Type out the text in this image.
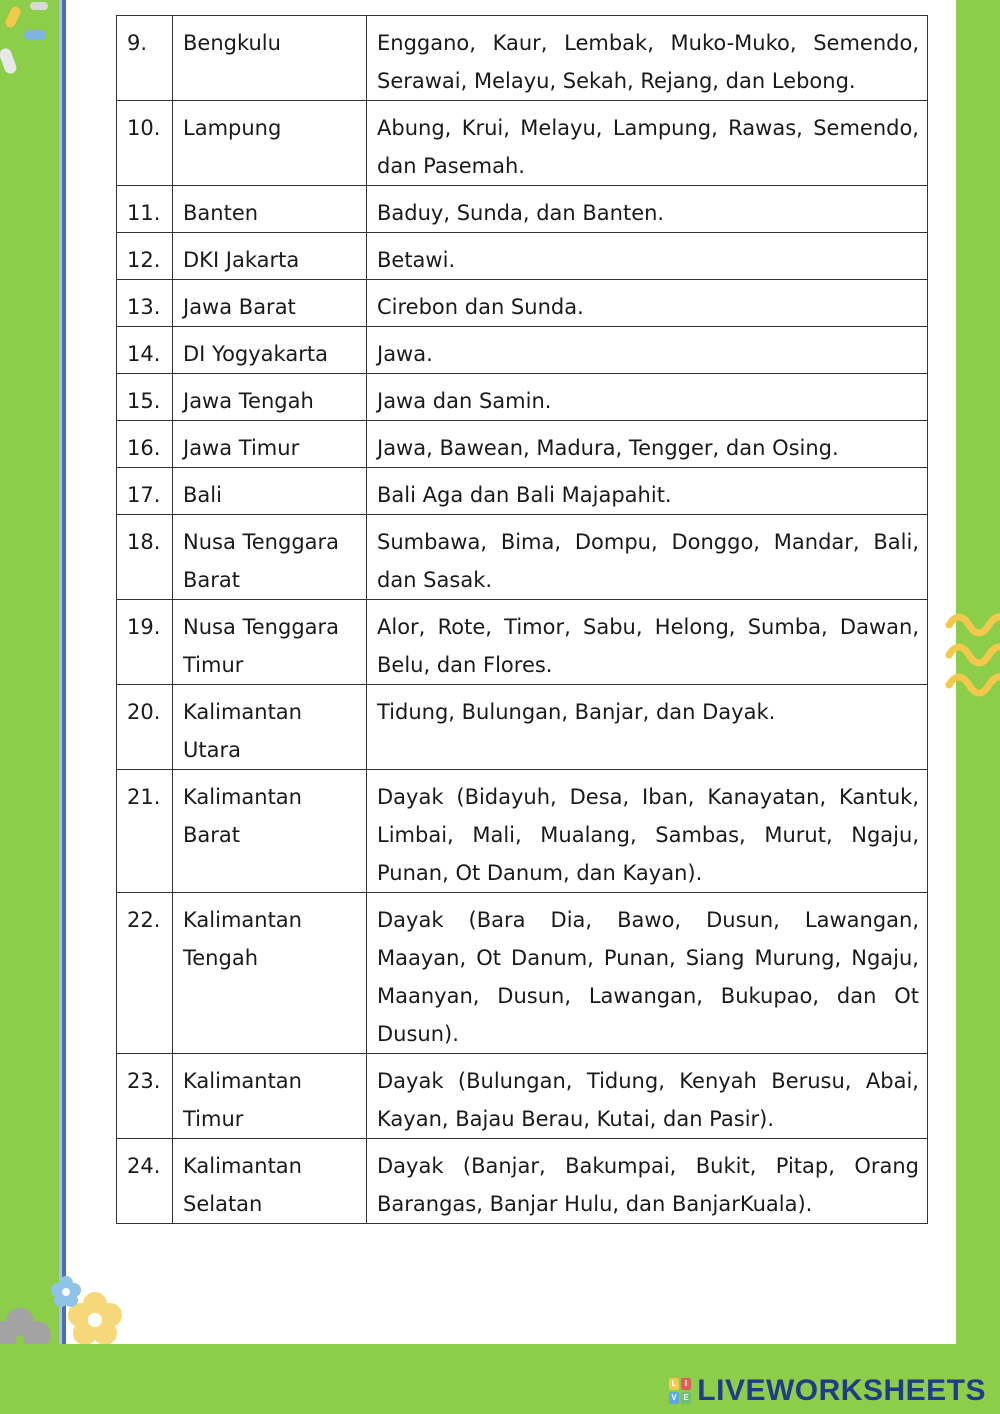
9.	Bengkulu	Enggano, Kaur, Lembak, Muko-Muko, Semendo, Serawai, Melayu, Sekah, Rejang, dan Lebong.
10.	Lampung	Abung, Krui, Melayu, Lampung, Rawas, Semendo, dan Pasemah.
11.	Banten	Baduy, Sunda, dan Banten.
12.	DKI Jakarta	Betawi.
13.	Jawa Barat	Cirebon dan Sunda.
14.	DI Yogyakarta	Jawa.
15.	Jawa Tengah	Jawa dan Samin.
16.	Jawa Timur	Jawa, Bawean, Madura, Tengger, dan Osing.
17.	Bali	Bali Aga dan Bali Majapahit.
18.	Nusa Tenggara Barat	Sumbawa, Bima, Dompu, Donggo, Mandar, Bali, dan Sasak.
19.	Nusa Tenggara Timur	Alor, Rote, Timor, Sabu, Helong, Sumba, Dawan, Belu, dan Flores.
20.	Kalimantan Utara	Tidung, Bulungan, Banjar, dan Dayak.
21.	Kalimantan Barat	Dayak (Bidayuh, Desa, Iban, Kanayatan, Kantuk, Limbai, Mali, Mualang, Sambas, Murut, Ngaju, Punan, Ot Danum, dan Kayan).
22.	Kalimantan Tengah	Dayak (Bara Dia, Bawo, Dusun, Lawangan, Maayan, Ot Danum, Punan, Siang Murung, Ngaju, Maanyan, Dusun, Lawangan, Bukupao, dan Ot Dusun).
23.	Kalimantan Timur	Dayak (Bulungan, Tidung, Kenyah Berusu, Abai, Kayan, Bajau Berau, Kutai, dan Pasir).
24.	Kalimantan Selatan	Dayak (Banjar, Bakumpai, Bukit, Pitap, Orang Barangas, Banjar Hulu, dan BanjarKuala).
L I
V E LIVEWORKSHEETS
